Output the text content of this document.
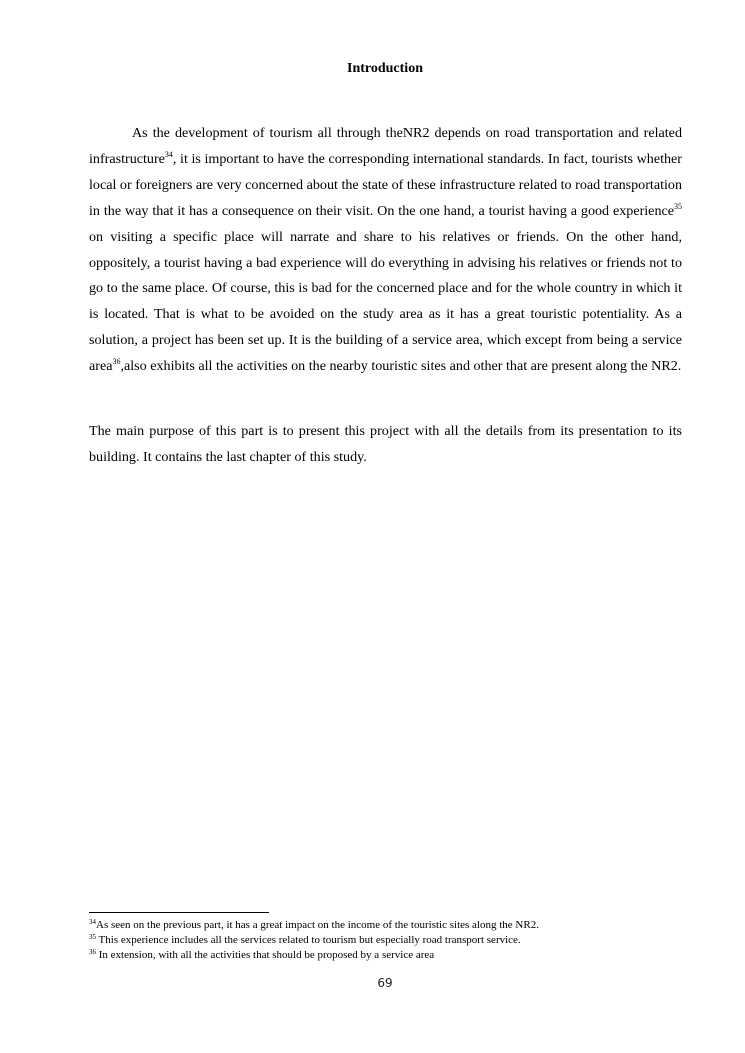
Introduction

As the development of tourism all through theNR2 depends on road transportation and related infrastructure$^{34}$, it is important to have the corresponding international standards. In fact, tourists whether local or foreigners are very concerned about the state of these infrastructure related to road transportation in the way that it has a consequence on their visit. On the one hand, a tourist having a good experience$^{35}$ on visiting a specific place will narrate and share to his relatives or friends. On the other hand, oppositely, a tourist having a bad experience will do everything in advising his relatives or friends not to go to the same place. Of course, this is bad for the concerned place and for the whole country in which it is located. That is what to be avoided on the study area as it has a great touristic potentiality. As a solution, a project has been set up. It is the building of a service area, which except from being a service area$^{36}$,also exhibits all the activities on the nearby touristic sites and other that are present along the NR2.

The main purpose of this part is to present this project with all the details from its presentation to its building. It contains the last chapter of this study.

$^{34}$As seen on the previous part, it has a great impact on the income of the touristic sites along the NR2.
$^{35}$ This experience includes all the services related to tourism but especially road transport service.
$^{36}$ In extension, with all the activities that should be proposed by a service area
69
